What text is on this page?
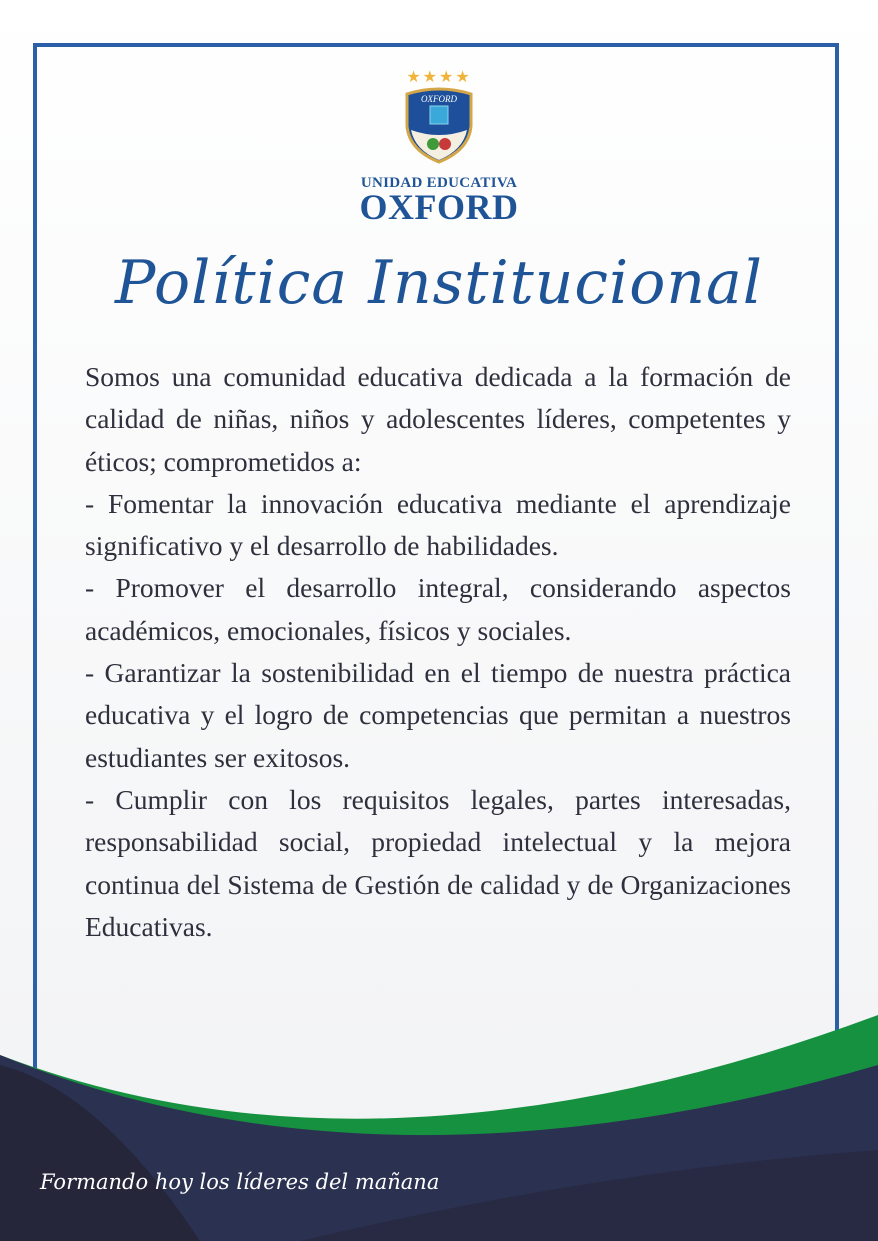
★★★★
OXFORD
UNIDAD EDUCATIVA
OXFORD
Política Institucional

Somos una comunidad educativa dedicada a la formación de calidad de niñas, niños y adolescentes líderes, competentes y éticos; comprometidos a:

- Fomentar la innovación educativa mediante el aprendizaje significativo y el desarrollo de habilidades.

- Promover el desarrollo integral, considerando aspectos académicos, emocionales, físicos y sociales.

- Garantizar la sostenibilidad en el tiempo de nuestra práctica educativa y el logro de competencias que permitan a nuestros estudiantes ser exitosos.

- Cumplir con los requisitos legales, partes interesadas, responsabilidad social, propiedad intelectual y la mejora continua del Sistema de Gestión de calidad y de Organizaciones Educativas.

Formando hoy los líderes del mañana
